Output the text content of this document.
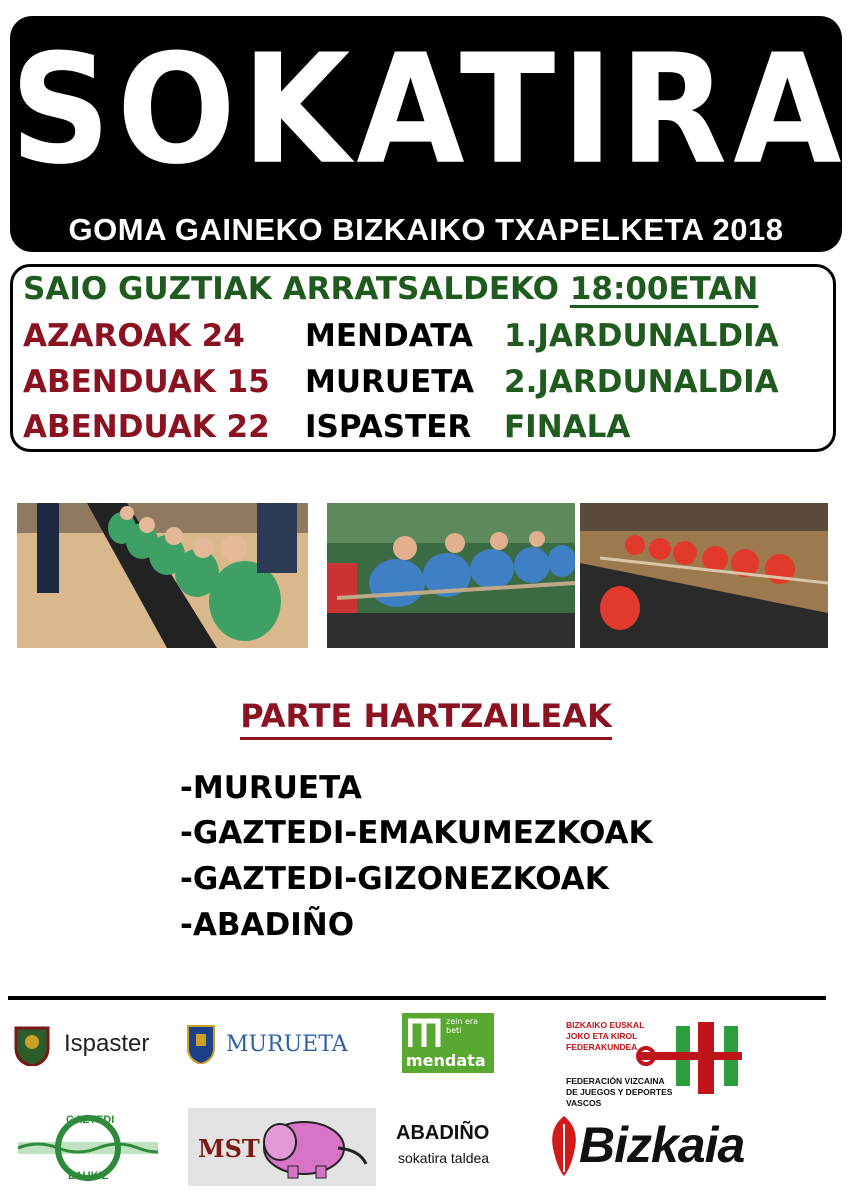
SOKATIRA
GOMA GAINEKO BIZKAIKO TXAPELKETA 2018
SAIO GUZTIAK ARRATSALDEKO 18:00ETAN
AZAROAK 24 MENDATA 1.JARDUNALDIA
ABENDUAK 15 MURUETA 2.JARDUNALDIA
ABENDUAK 22 ISPASTER FINALA
PARTE HARTZAILEAK
-MURUETA
-GAZTEDI-EMAKUMEZKOAK
-GAZTEDI-GIZONEZKOAK
-ABADIÑO
Ispaster	MURUETA
zein era beti
mendata
BIZKAIKO EUSKAL JOKO ETA KIROL FEDERAKUNDEA
FEDERACIÓN VIZCAINA DE JUEGOS Y DEPORTES VASCOS
GAZTEDI
LAUKIZ
MST
ABADIÑO
sokatira taldea Bizkaia
